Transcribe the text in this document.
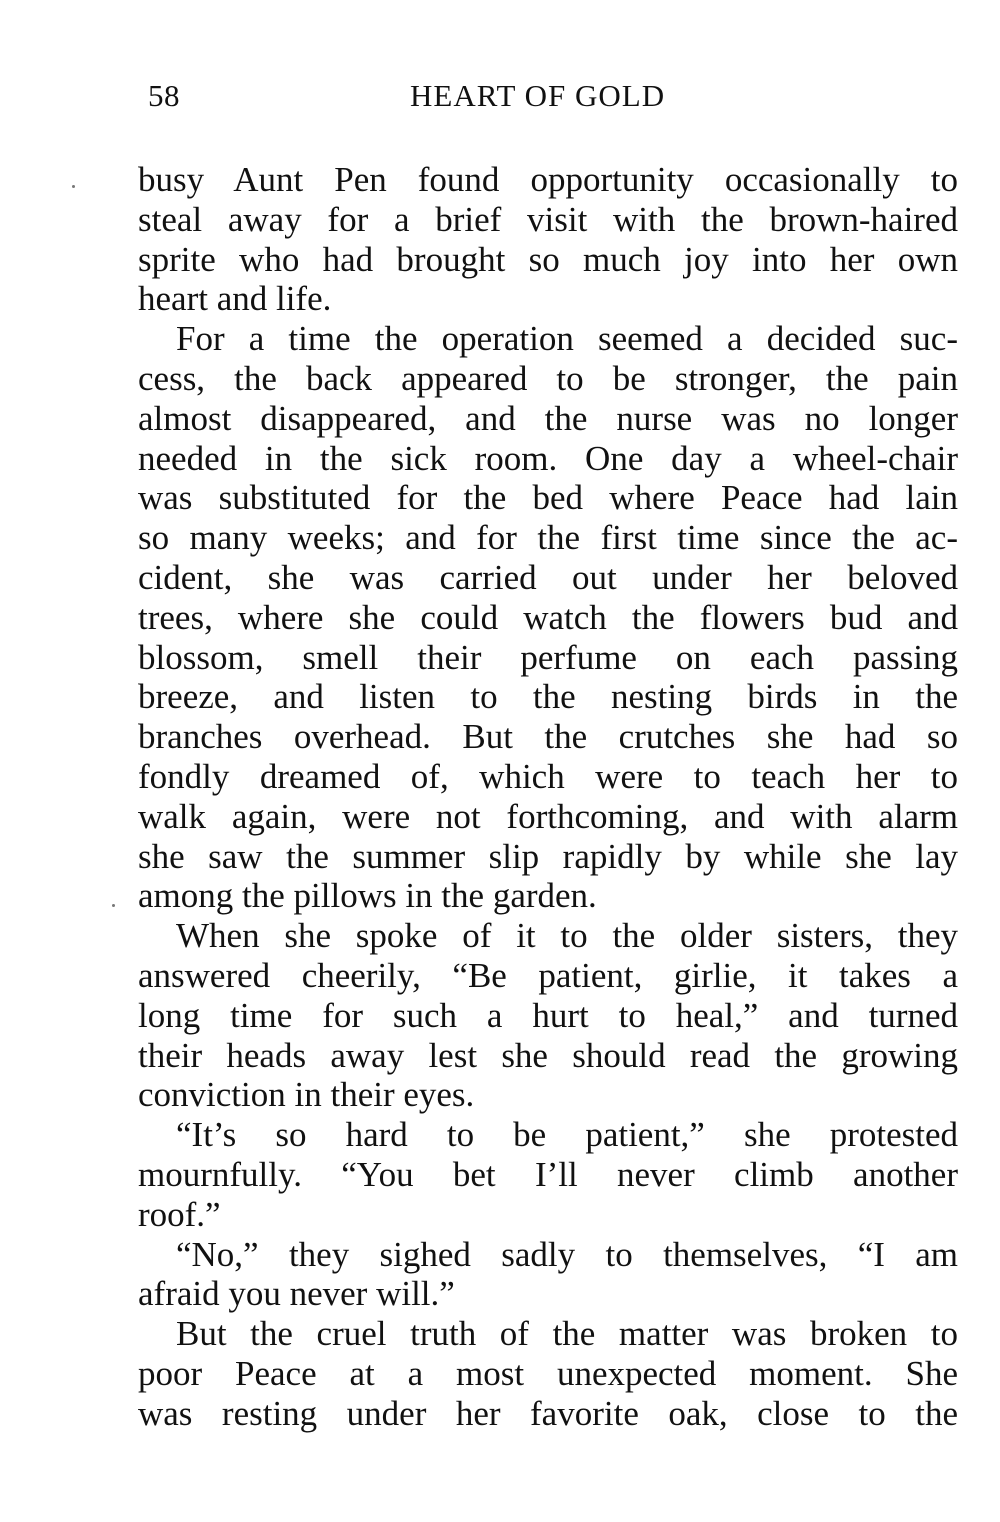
58	HEART OF GOLD
busy Aunt Pen found opportunity occasionally to
steal away for a brief visit with the brown-haired
sprite who had brought so much joy into her own
heart and life.
For a time the operation seemed a decided suc-
cess, the back appeared to be stronger, the pain
almost disappeared, and the nurse was no longer
needed in the sick room. One day a wheel-chair
was substituted for the bed where Peace had lain
so many weeks; and for the first time since the ac-
cident, she was carried out under her beloved
trees, where she could watch the flowers bud and
blossom, smell their perfume on each passing
breeze, and listen to the nesting birds in the
branches overhead. But the crutches she had so
fondly dreamed of, which were to teach her to
walk again, were not forthcoming, and with alarm
she saw the summer slip rapidly by while she lay
among the pillows in the garden.
When she spoke of it to the older sisters, they
answered cheerily, “Be patient, girlie, it takes a
long time for such a hurt to heal,” and turned
their heads away lest she should read the growing
conviction in their eyes.
“It’s so hard to be patient,” she protested
mournfully. “You bet I’ll never climb another
roof.”
“No,” they sighed sadly to themselves, “I am
afraid you never will.”
But the cruel truth of the matter was broken to
poor Peace at a most unexpected moment. She
was resting under her favorite oak, close to the
